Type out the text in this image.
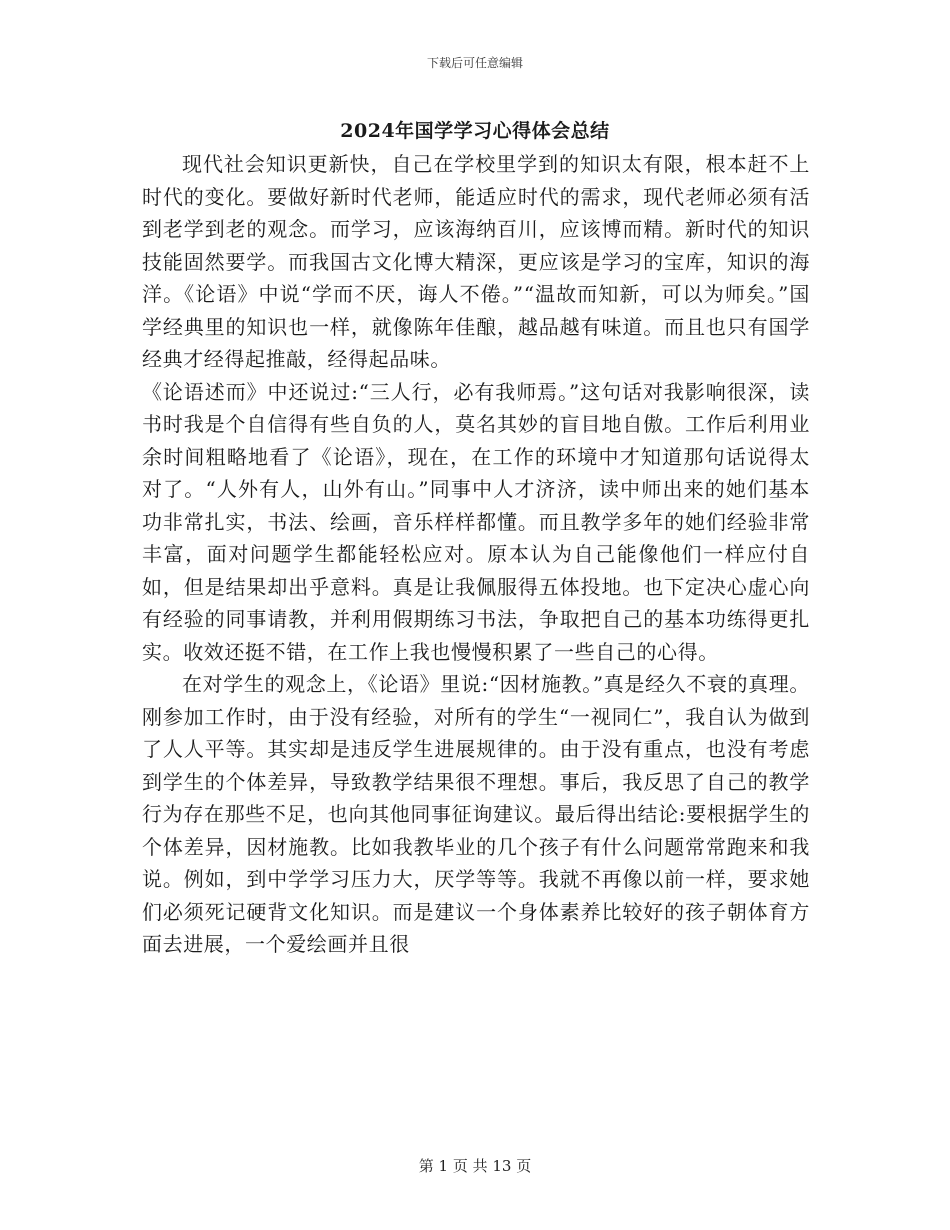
下载后可任意编辑
2024年国学学习心得体会总结

现代社会知识更新快，自己在学校里学到的知识太有限，根本赶不上时代的变化。要做好新时代老师，能适应时代的需求，现代老师必须有活到老学到老的观念。而学习，应该海纳百川，应该博而精。新时代的知识技能固然要学。而我国古文化博大精深，更应该是学习的宝库，知识的海洋。《论语》中说“学而不厌，诲人不倦。”“温故而知新，可以为师矣。”国学经典里的知识也一样，就像陈年佳酿，越品越有味道。而且也只有国学经典才经得起推敲，经得起品味。

《论语述而》中还说过:“三人行，必有我师焉。”这句话对我影响很深，读书时我是个自信得有些自负的人，莫名其妙的盲目地自傲。工作后利用业余时间粗略地看了《论语》，现在，在工作的环境中才知道那句话说得太对了。“人外有人，山外有山。”同事中人才济济，读中师出来的她们基本功非常扎实，书法、绘画，音乐样样都懂。而且教学多年的她们经验非常丰富，面对问题学生都能轻松应对。原本认为自己能像他们一样应付自如，但是结果却出乎意料。真是让我佩服得五体投地。也下定决心虚心向有经验的同事请教，并利用假期练习书法，争取把自己的基本功练得更扎实。收效还挺不错，在工作上我也慢慢积累了一些自己的心得。

在对学生的观念上，《论语》里说:“因材施教。”真是经久不衰的真理。刚参加工作时，由于没有经验，对所有的学生“一视同仁”，我自认为做到了人人平等。其实却是违反学生进展规律的。由于没有重点，也没有考虑到学生的个体差异，导致教学结果很不理想。事后，我反思了自己的教学行为存在那些不足，也向其他同事征询建议。最后得出结论:要根据学生的个体差异，因材施教。比如我教毕业的几个孩子有什么问题常常跑来和我说。例如，到中学学习压力大，厌学等等。我就不再像以前一样，要求她们必须死记硬背文化知识。而是建议一个身体素养比较好的孩子朝体育方面去进展，一个爱绘画并且很

第 1 页 共 13 页
